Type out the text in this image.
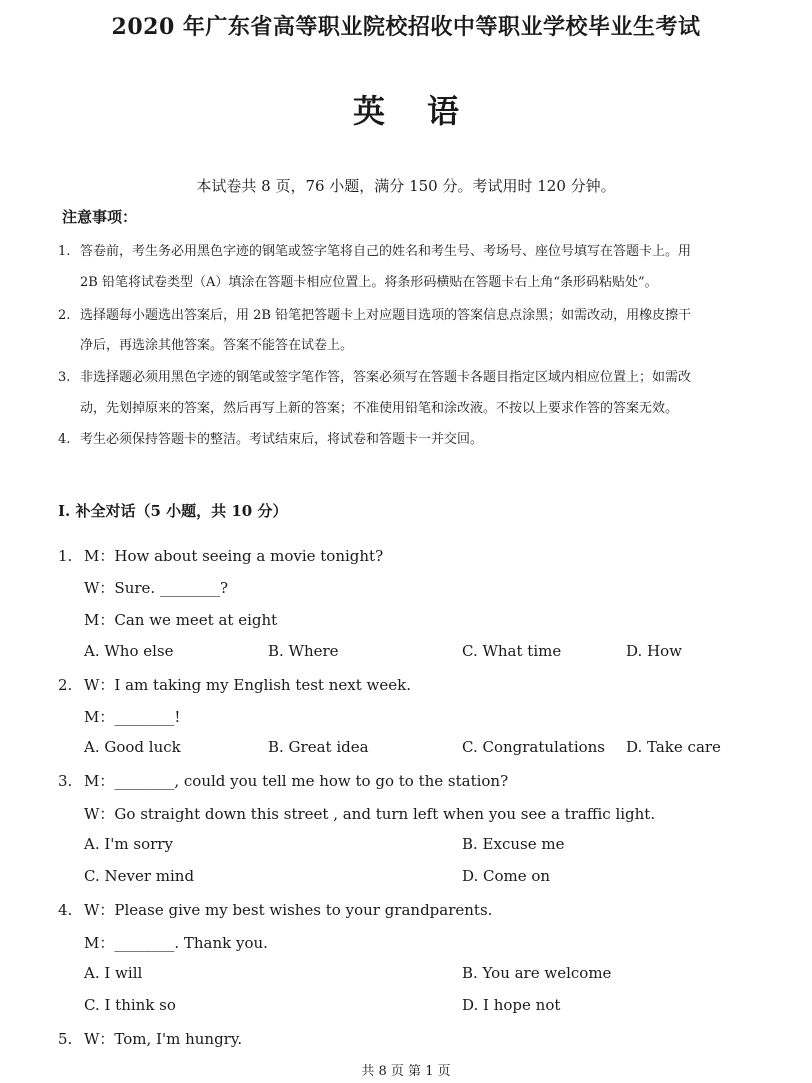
2020 年广东省高等职业院校招收中等职业学校毕业生考试
英语
本试卷共 8 页，76 小题，满分 150 分。考试用时 120 分钟。
注意事项：
1. 答卷前，考生务必用黑色字迹的钢笔或签字笔将自己的姓名和考生号、考场号、座位号填写在答题卡上。用
2B 铅笔将试卷类型（A）填涂在答题卡相应位置上。将条形码横贴在答题卡右上角“条形码粘贴处”。
2. 选择题每小题选出答案后，用 2B 铅笔把答题卡上对应题目选项的答案信息点涂黑；如需改动，用橡皮擦干
净后，再选涂其他答案。答案不能答在试卷上。
3. 非选择题必须用黑色字迹的钢笔或签字笔作答，答案必须写在答题卡各题目指定区域内相应位置上；如需改
动，先划掉原来的答案，然后再写上新的答案；不准使用铅笔和涂改液。不按以上要求作答的答案无效。
4. 考生必须保持答题卡的整洁。考试结束后，将试卷和答题卡一并交回。
Ⅰ. 补全对话（5 小题，共 10 分）
1. M：How about seeing a movie tonight?
W：Sure. ________?
M：Can we meet at eight
A. Who else	B. Where	C. What time	D. How
2. W：I am taking my English test next week.
M：________!
A. Good luck	B. Great idea	C. Congratulations D. Take care
3. M：________, could you tell me how to go to the station?
W：Go straight down this street , and turn left when you see a traffic light.
A. I'm sorry	B. Excuse me
C. Never mind	D. Come on
4. W：Please give my best wishes to your grandparents.
M：________. Thank you.
A. I will	B. You are welcome
C. I think so	D. I hope not
5. W：Tom, I'm hungry.
共 8 页 第 1 页
